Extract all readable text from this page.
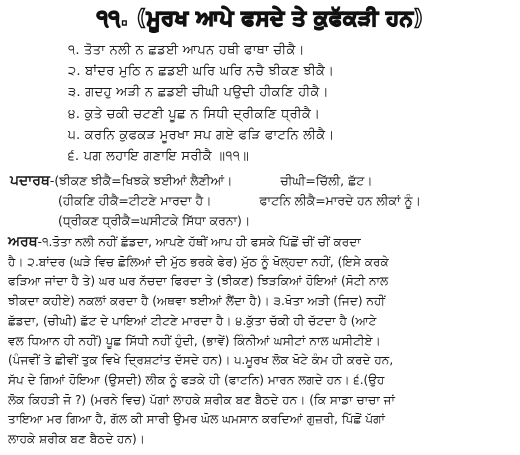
੧੧. (ਮੂਰਖ ਆਪੇ ਫਸਦੇ ਤੇ ਕੁਫੱਕੜੀ ਹਨ)
੧. ਤੋਤਾ ਨਲੀ ਨ ਛਡਈ ਆਪਨ ਹਥੀ ਫਾਥਾ ਚੀਕੈ।
੨. ਬਾਂਦਰ ਮੁਠਿ ਨ ਛਡਈ ਘਰਿ ਘਰਿ ਨਚੈ ਝੀਕਣ ਝੀਕੈ।
੩. ਗਦਹੁ ਅੜੀ ਨ ਛਡਈ ਚੀਘੀ ਪਉਦੀ ਹੀਕਣਿ ਹੀਕੈ।
੪. ਕੁਤੇ ਚਕੀ ਚਟਣੀ ਪੂਛ ਨ ਸਿਧੀ ਦ੍ਰੀਕਣਿ ਧ੍ਰੀਕੈ।
੫. ਕਰਨਿ ਕੁਫਕੜ ਮੂਰਖਾ ਸਪ ਗਏ ਫੜਿ ਫਾਟਨਿ ਲੀਕੈ।
੬. ਪਗ ਲਹਾਇ ਗਣਾਇ ਸਰੀਕੈ ॥੧੧॥
ਪਦਾਰਥ-(ਝੀਕਣ ਝੀਕੈ=ਖਿਝਕੇ ਝਈਆਂ ਲੈਣੀਆਂ।	ਚੀਘੀ=ਚਿੱਲੀ, ਛੱਟ।
(ਹੀਕਣਿ ਹੀਕੈ=ਟੀਟਣੇ ਮਾਰਦਾ ਹੈ।	ਫਾਟਨਿ ਲੀਕੈ=ਮਾਰਦੇ ਹਨ ਲੀਕਾਂ ਨੂੰ।
(ਧ੍ਰੀਕਣ ਧ੍ਰੀਕੈ=ਘਸੀਟਕੇ ਸਿੱਧਾ ਕਰਨਾ)।
ਅਰਥ-੧.ਤੋਤਾ ਨਲੀ ਨਹੀਂ ਛੱਡਦਾ, ਆਪਣੇ ਹੱਥੀਂ ਆਪ ਹੀ ਫਸਕੇ ਪਿੱਛੋਂ ਚੀਂ ਚੀਂ ਕਰਦਾ
ਹੈ। ੨.ਬਾਂਦਰ (ਘੜੇ ਵਿਚ ਛੋਲਿਆਂ ਦੀ ਮੁੱਠ ਭਰਕੇ ਫੇਰ) ਮੁੱਠ ਨੂੰ ਖੋਲ੍ਹਦਾ ਨਹੀਂ, (ਇਸੇ ਕਰਕੇ
ਫੜਿਆ ਜਾਂਦਾ ਹੈ ਤੇ) ਘਰ ਘਰ ਨੱਚਦਾ ਫਿਰਦਾ ਤੇ (ਝੀਕਣ) ਝਿੜਕਿਆਂ ਹੋਇਆਂ (ਸੋਟੀ ਨਾਲ
ਝੀਕਦਾ ਕਹੀਏ) ਨਕਲਾਂ ਕਰਦਾ ਹੈ (ਅਥਵਾ ਝਈਆਂ ਲੈਂਦਾ ਹੈ)। ੩.ਖੋਤਾ ਅੜੀ (ਜਿਦ) ਨਹੀਂ
ਛੱਡਦਾ, (ਚੀਘੀ) ਛੱਟ ਦੇ ਪਾਇਆਂ ਟੀਟਣੇ ਮਾਰਦਾ ਹੈ। ੪.ਕੁੱਤਾ ਚੱਕੀ ਹੀ ਚੱਟਦਾ ਹੈ (ਆਟੇ
ਵਲ ਧਿਆਨ ਹੀ ਨਹੀਂ) ਪੂਛ ਸਿੱਧੀ ਨਹੀਂ ਹੁੰਦੀ, (ਭਾਵੇਂ) ਕਿੰਨੀਆਂ ਘਸੀਟਾਂ ਨਾਲ ਘਸੀਟੀਏ।
(ਪੰਜਵੀਂ ਤੇ ਛੀਵੀਂ ਤੁਕ ਵਿਖੇ ਦ੍ਰਿਸ਼ਟਾਂਤ ਦੱਸਦੇ ਹਨ)। ੫.ਮੂਰਖ ਲੋਕ ਖੋਟੇ ਕੰਮ ਹੀ ਕਰਦੇ ਹਨ,
ਸੱਪ ਦੇ ਗਿਆਂ ਹੋਇਆ (ਉਸਦੀ) ਲੀਕ ਨੂੰ ਫੜਕੇ ਹੀ (ਫਾਟਨਿ) ਮਾਰਨ ਲਗਦੇ ਹਨ। ੬.(ਉਹ
ਲੋਕ ਕਿਹੜੀ ਜੋ ?) (ਮਰਨੇ ਵਿਚ) ਪੱਗਾਂ ਲਾਹਕੇ ਸ਼ਰੀਕ ਬਣ ਬੈਠਦੇ ਹਨ। (ਕਿ ਸਾਡਾ ਚਾਚਾ ਜਾਂ
ਤਾਇਆ ਮਰ ਗਿਆ ਹੈ, ਗੱਲ ਕੀ ਸਾਰੀ ਉਮਰ ਘੋਲ ਘਮਸਾਨ ਕਰਦਿਆਂ ਗੁਜ਼ਰੀ, ਪਿੱਛੋਂ ਪੱਗਾਂ
ਲਾਹਕੇ ਸ਼ਰੀਕ ਬਣ ਬੈਠਦੇ ਹਨ)।
